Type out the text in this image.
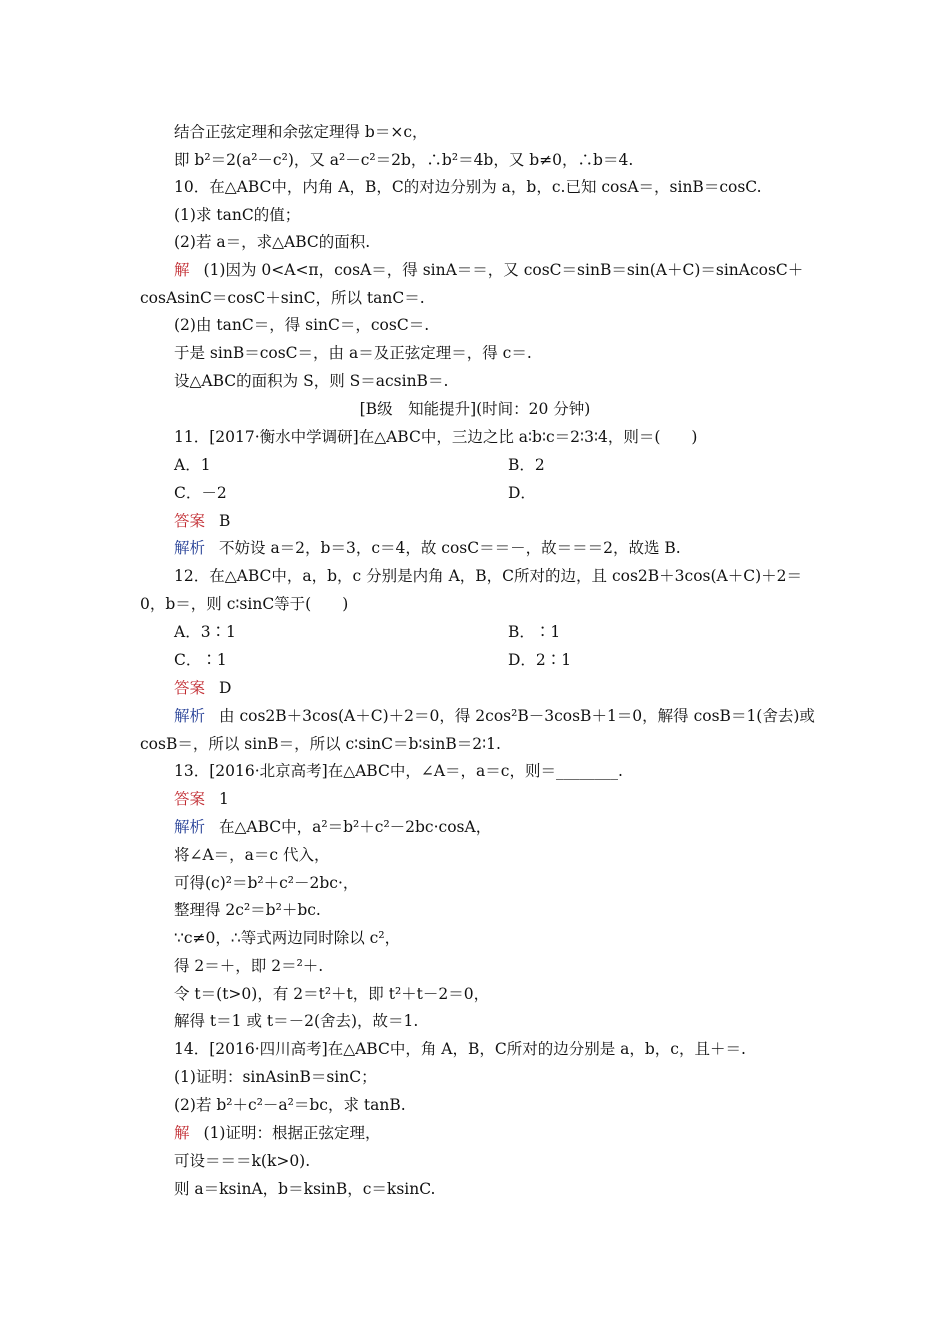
结合正弦定理和余弦定理得 b＝×c，
即 b²＝2(a²－c²)，又 a²－c²＝2b，∴b²＝4b，又 b≠0，∴b＝4.
10．在△ABC中，内角 A，B，C的对边分别为 a，b，c.已知 cosA＝，sinB＝cosC.
(1)求 tanC的值；
(2)若 a＝，求△ABC的面积.
解 (1)因为 0<A<π，cosA＝，得 sinA＝＝，又 cosC＝sinB＝sin(A＋C)＝sinAcosC＋
cosAsinC＝cosC＋sinC，所以 tanC＝.
(2)由 tanC＝，得 sinC＝，cosC＝.
于是 sinB＝cosC＝，由 a＝及正弦定理＝，得 c＝.
设△ABC的面积为 S，则 S＝acsinB＝.
[B级　知能提升](时间：20 分钟)
11．[2017·衡水中学调研]在△ABC中，三边之比 a∶b∶c＝2∶3∶4，则＝(　　)
A．1	B．2
C．－2	D．
答案 B
解析 不妨设 a＝2，b＝3，c＝4，故 cosC＝＝－，故＝＝＝2，故选 B.
12．在△ABC中，a，b，c 分别是内角 A，B，C所对的边，且 cos2B＋3cos(A＋C)＋2＝
0，b＝，则 c∶sinC等于(　　)
A．3∶1	B．∶1
C．∶1	D．2∶1
答案 D
解析 由 cos2B＋3cos(A＋C)＋2＝0，得 2cos²B－3cosB＋1＝0，解得 cosB＝1(舍去)或
cosB＝，所以 sinB＝，所以 c∶sinC＝b∶sinB＝2∶1.
13．[2016·北京高考]在△ABC中，∠A＝，a＝c，则＝________.
答案 1
解析 在△ABC中，a²＝b²＋c²－2bc·cosA，
将∠A＝，a＝c 代入，
可得(c)²＝b²＋c²－2bc·，
整理得 2c²＝b²＋bc.
∵c≠0，∴等式两边同时除以 c²，
得 2＝＋，即 2＝²＋.
令 t＝(t>0)，有 2＝t²＋t，即 t²＋t－2＝0，
解得 t＝1 或 t＝－2(舍去)，故＝1.
14．[2016·四川高考]在△ABC中，角 A，B，C所对的边分别是 a，b，c，且＋＝.
(1)证明：sinAsinB＝sinC；
(2)若 b²＋c²－a²＝bc，求 tanB.
解 (1)证明：根据正弦定理，
可设＝＝＝k(k>0).
则 a＝ksinA，b＝ksinB，c＝ksinC.
